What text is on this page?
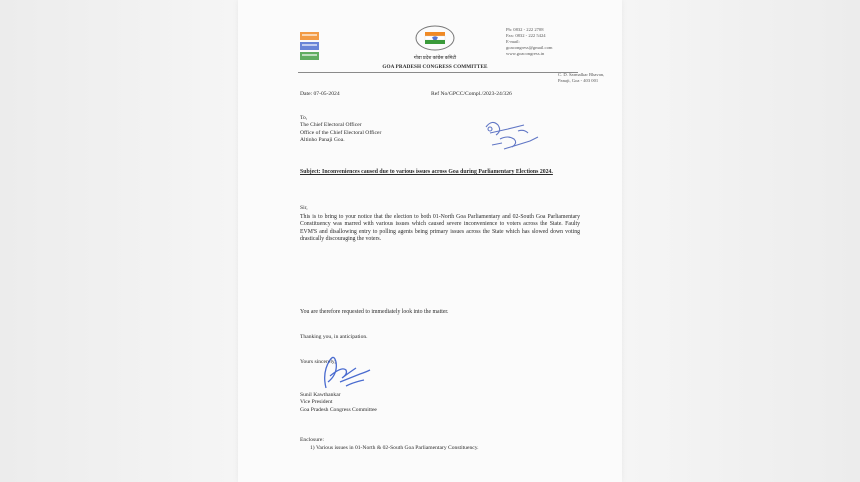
गोवा प्रदेश कांग्रेस कमिटी
GOA PRADESH CONGRESS COMMITTEE
Ph: 0832 - 222 2708
Fax: 0832 - 222 5424
E-mail: goacongress@gmail.com
www.goacongress.in
C. D. Sarmalkar Bhavan,
Panaji, Goa - 403 001
Date: 07-05-2024	Ref No/GPCC/Compl./2023-24/326
To,
The Chief Electoral Officer
Office of the Chief Electoral Officer
Altinho Panaji Goa.
Subject: Inconveniences caused due to various issues across Goa during Parliamentary Elections 2024.
Sir,
This is to bring to your notice that the election to both 01-North Goa Parliamentary and 02-South Goa Parliamentary Constituency was marred with various issues which caused severe inconvenience to voters across the State. Faulty EVM'S and disallowing entry to polling agents being primary issues across the State which has slowed down voting drastically discouraging the voters.
You are therefore requested to immediately look into the matter.
Thanking you, in anticipation.
Yours sincerely,
Sunil Kawthankar
Vice President
Goa Pradesh Congress Committee
Enclosure:
1) Various issues in 01-North & 02-South Goa Parliamentary Constituency.
